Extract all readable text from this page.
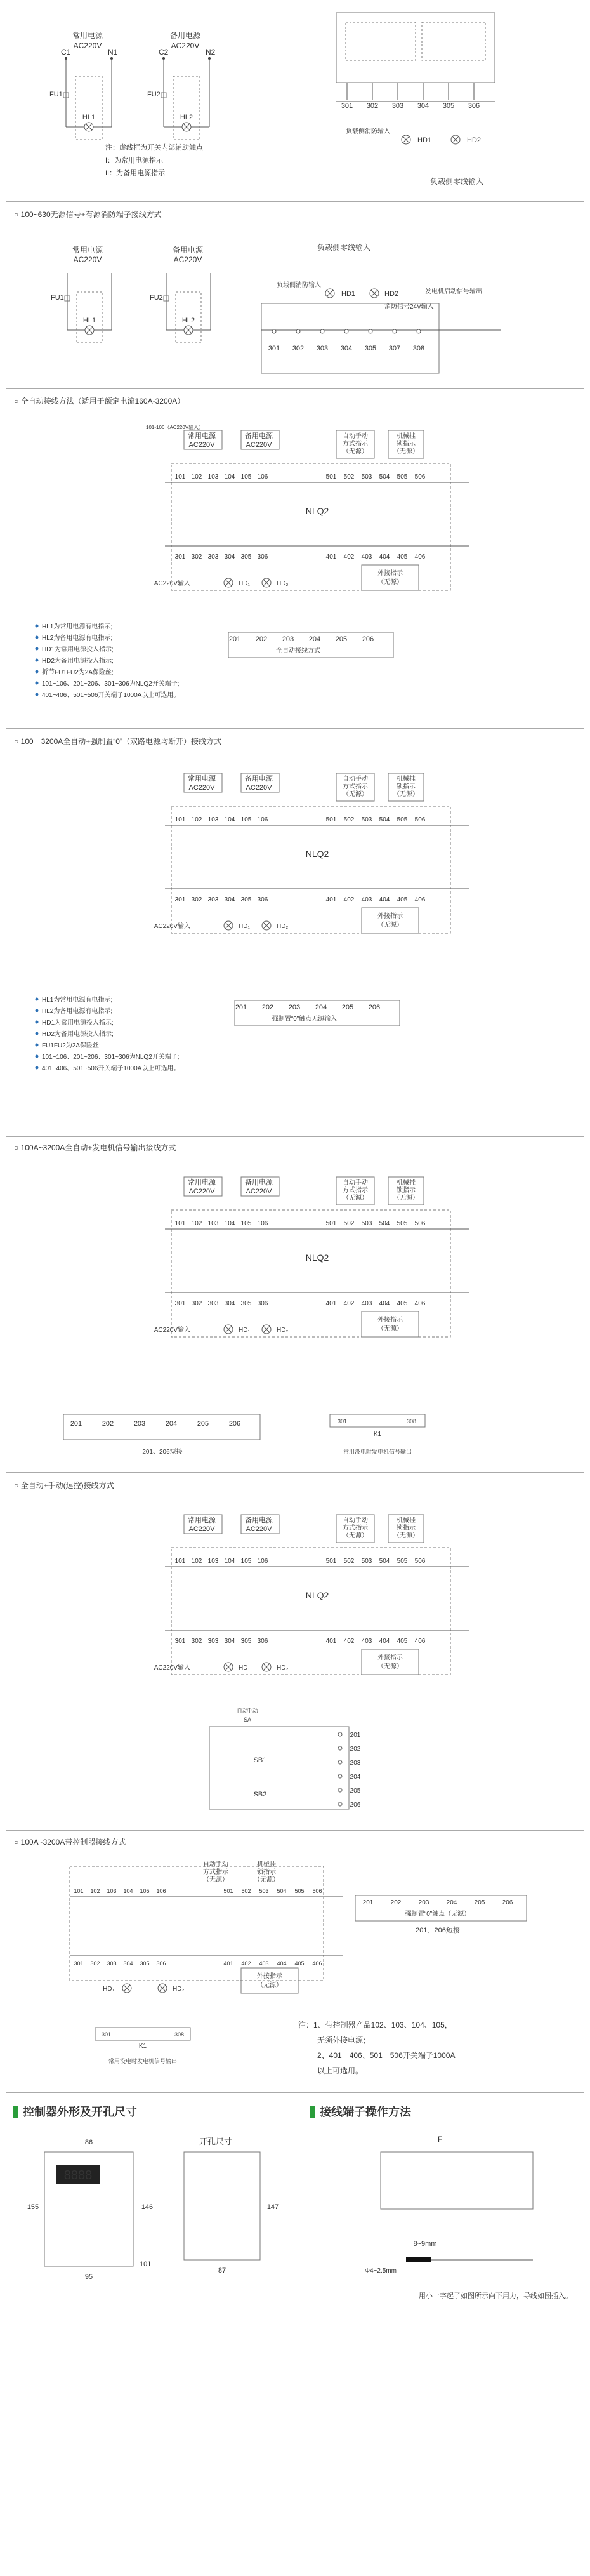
常用电源
AC220V
C1	N1
备用电源
AC220V
C2	N2
FU1	FU2
HL1	HL2
注：虚线框为开关内部辅助触点
I：为常用电源指示
II：为备用电源指示
301 302 303 304 305 306
负载侧消防输入
HD1	HD2
负载侧零线输入
○ 100~630无源信号+有源消防端子接线方式
常用电源
AC220V
备用电源
AC220V
FU1	FU2
HL1	HL2
负载侧零线输入
负载侧消防输入
HD1	HD2
消防信号24V输入
发电机启动信号输出
301 302 303 304 305 307 308
○ 全自动接线方法（适用于额定电流160A-3200A）
101-106（AC220V输入）
常用电源
AC220V
备用电源
AC220V
自动手动
方式指示
（无源）
机械挂
锁指示
（无源）
101 102 103 104 105 106	501 502 503 504 505 506
NLQ2
301 302 303 304 305 306	401 402 403 404 405 406
HD₁	HD₂
AC220V输入
外接指示
（无源）
201 202 203 204 205 206
全自动接线方式
HL1为常用电源有电指示;
HL2为备用电源有电指示;
HD1为常用电源投入指示;
HD2为备用电源投入指示;
折节FU1FU2为2A保险丝;
101~106、201~206、301~306为NLQ2开关端子;
401~406、501~506开关端子1000A以上可选用。
○ 100－3200A全自动+强制置“0”（双路电源均断开）接线方式
常用电源
AC220V
备用电源
AC220V
自动手动
方式指示
（无源）
机械挂
锁指示
（无源）
101 102 103 104 105 106	501 502 503 504 505 506
NLQ2
301 302 303 304 305 306	401 402 403 404 405 406
HD₁	HD₂
AC220V输入
外接指示
（无源）
201 202 203 204 205 206
强制置“0”触点无源输入
HL1为常用电源有电指示;
HL2为备用电源有电指示;
HD1为常用电源投入指示;
HD2为备用电源投入指示;
FU1FU2为2A保险丝;
101~106、201~206、301~306为NLQ2开关端子;
401~406、501~506开关端子1000A以上可选用。
○ 100A~3200A全自动+发电机信号输出接线方式
常用电源
AC220V
备用电源
AC220V
自动手动
方式指示
（无源）
机械挂
锁指示
（无源）
101 102 103 104 105 106	501 502 503 504 505 506
NLQ2
301 302 303 304 305 306	401 402 403 404 405 406
HD₁	HD₂
AC220V输入
外接指示
（无源）
201	202	203	204	205	206
201、206短接
301	308
K1
常用没电时发电机信号输出
○ 全自动+手动(远控)接线方式
常用电源
AC220V
备用电源
AC220V
自动手动
方式指示
（无源）
机械挂
锁指示
（无源）
101 102 103 104 105 106	501 502 503 504 505 506
NLQ2
301 302 303 304 305 306	401 402 403 404 405 406
HD₁	HD₂
AC220V输入
外接指示
（无源）
自动
手动
SA
SB1
SB2
201
202
203
204
205
206
○ 100A~3200A带控制器接线方式
自动手动
方式指示
（无源）
机械挂
锁指示
（无源）
101 102 103 104 105 106	501 502 503 504 505 506
301 302 303 304 305 306	401 402 403 404 405 406
HD₁	HD₂
外接指示
（无源）
201	202	203	204	205	206
强制置“0”触点（无源）
201、206短接
301	308
K1
常用没电时发电机信号输出
注：1、带控制器产品102、103、104、105，
无须外接电源；
2、401－406、501－506开关端子1000A
以上可选用。
控制器外形及开孔尺寸	接线端子操作方法
8888
86
155	146
95
101
开孔尺寸
147
87
F
8~9mm
Φ4~2.5mm
用小一字起子如图所示向下用力，导线如图插入。
